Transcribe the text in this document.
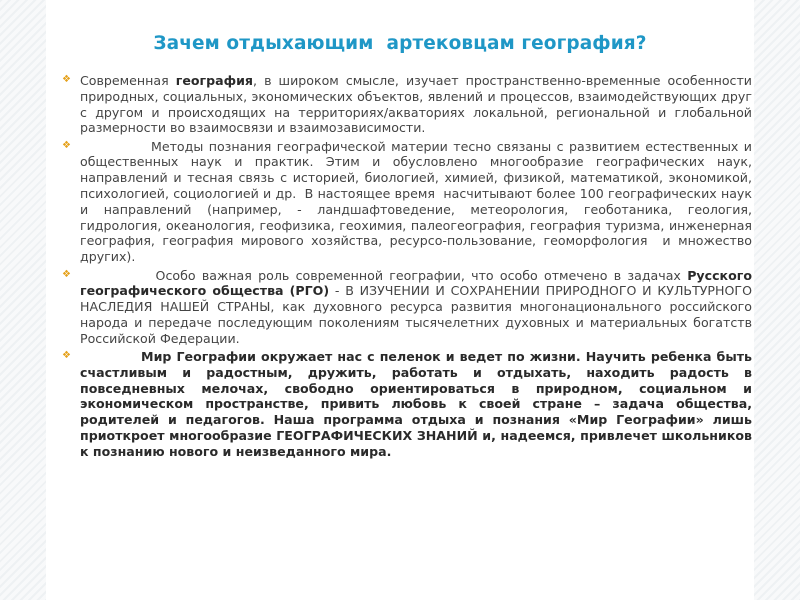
Зачем отдыхающим  артековцам география?
❖ Современная география, в широком смысле, изучает пространственно-временные особенности природных, социальных, экономических объектов, явлений и процессов, взаимодействующих друг с другом и происходящих на территориях/акваториях локальной, региональной и глобальной размерности во взаимосвязи и взаимозависимости.
❖ Методы познания географической материи тесно связаны с развитием естественных и общественных наук и практик. Этим и обусловлено многообразие географических наук, направлений и тесная связь с историей, биологией, химией, физикой, математикой, экономикой, психологией, социологией и др.  В настоящее время  насчитывают более 100 географических наук и направлений (например, - ландшафтоведение, метеорология, геоботаника, геология, гидрология, океанология, геофизика, геохимия, палеогеография, география туризма, инженерная география, география мирового хозяйства, ресурсо-пользование, геоморфология  и множество других).
❖ Особо важная роль современной географии, что особо отмечено в задачах Русского географического общества (РГО) - В ИЗУЧЕНИИ И СОХРАНЕНИИ ПРИРОДНОГО И КУЛЬТУРНОГО НАСЛЕДИЯ НАШЕЙ СТРАНЫ, как духовного ресурса развития многонационального российского народа и передаче последующим поколениям тысячелетних духовных и материальных богатств Российской Федерации.
❖ Мир Географии окружает нас с пеленок и ведет по жизни. Научить ребенка быть счастливым и радостным, дружить, работать и отдыхать, находить радость в повседневных мелочах, свободно ориентироваться в природном, социальном и экономическом пространстве, привить любовь к своей стране – задача общества, родителей и педагогов. Наша программа отдыха и познания «Мир Географии» лишь приоткроет многообразие ГЕОГРАФИЧЕСКИХ ЗНАНИЙ и, надеемся, привлечет школьников к познанию нового и неизведанного мира.
